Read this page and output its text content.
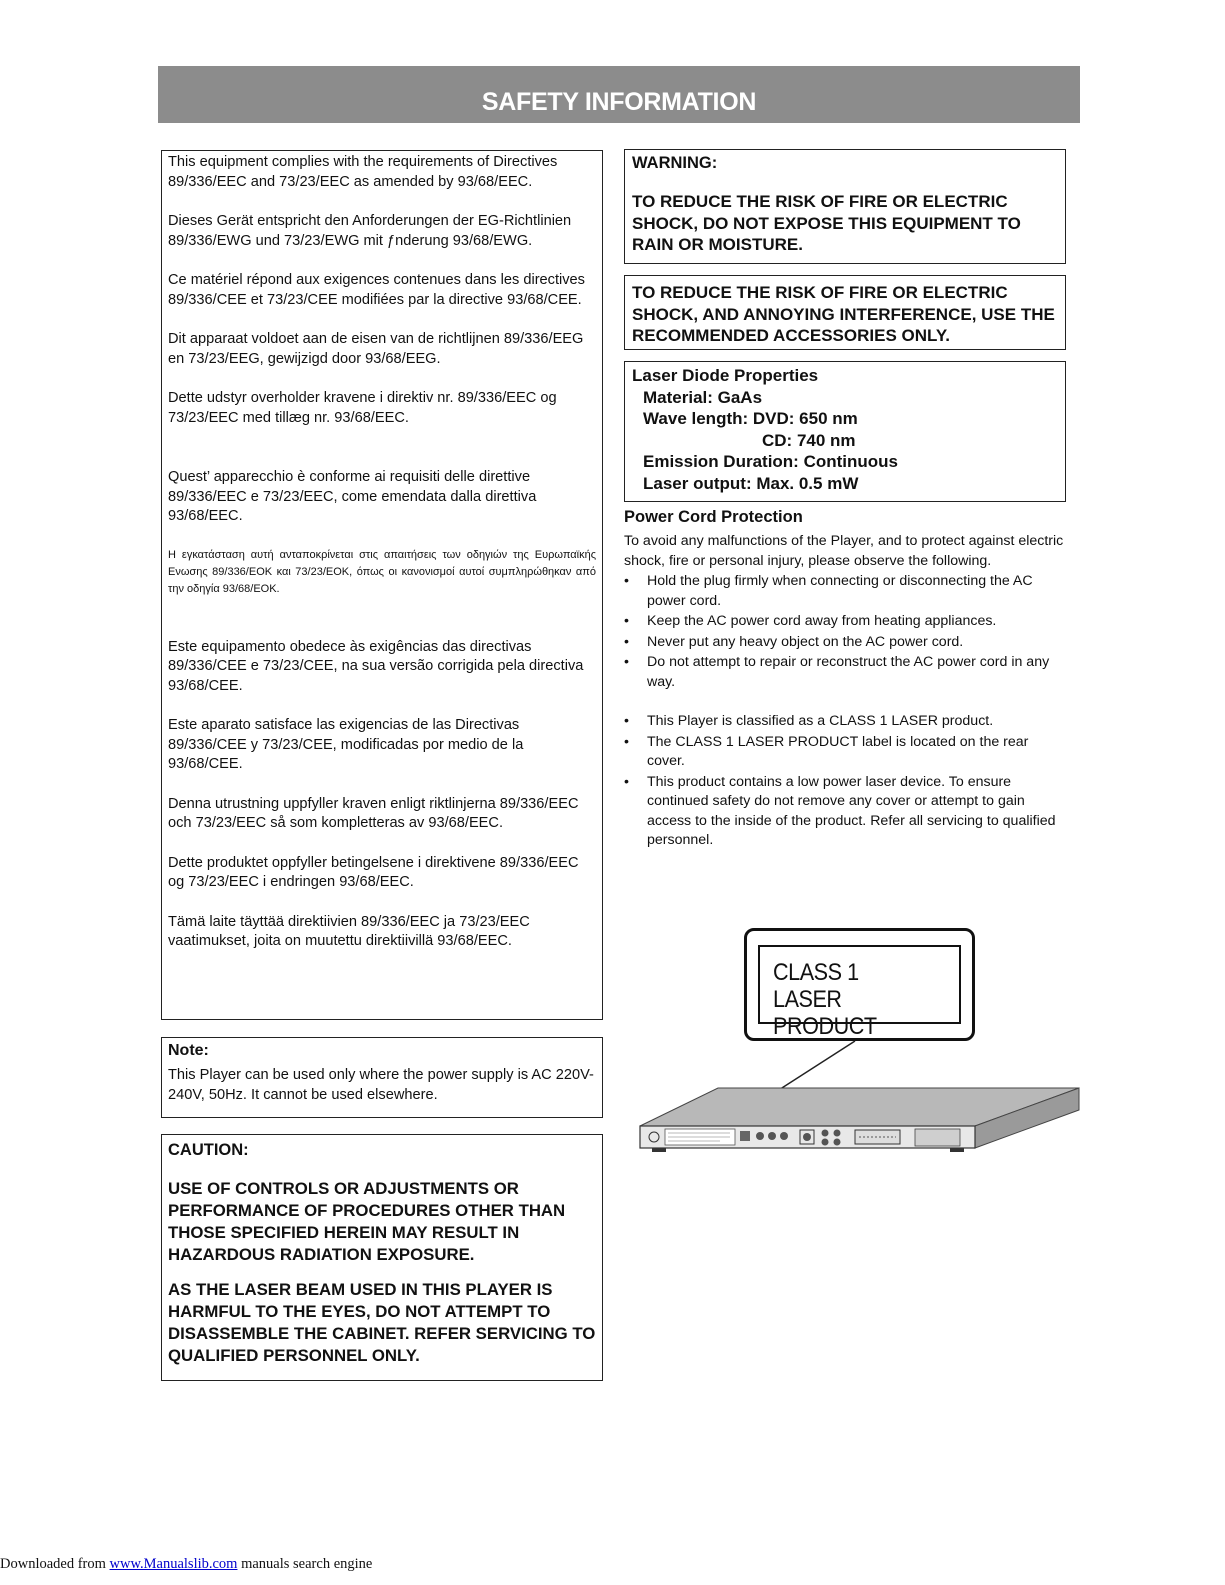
SAFETY INFORMATION

This equipment complies with the requirements of Directives 89/336/EEC and 73/23/EEC as amended by 93/68/EEC.

Dieses Gerät entspricht den Anforderungen der EG-Richtlinien 89/336/EWG und 73/23/EWG mit ƒnderung 93/68/EWG.

Ce matériel répond aux exigences contenues dans les directives 89/336/CEE et 73/23/CEE modifiées par la directive 93/68/CEE.

Dit apparaat voldoet aan de eisen van de richtlijnen 89/336/EEG en 73/23/EEG, gewijzigd door 93/68/EEG.

Dette udstyr overholder kravene i direktiv nr. 89/336/EEC og 73/23/EEC med tillæg nr. 93/68/EEC.

Quest’ apparecchio è conforme ai requisiti delle direttive 89/336/EEC e 73/23/EEC, come emendata dalla direttiva 93/68/EEC.

Η εγκατάσταση αυτή ανταποκρίνεται στις απαιτήσεις των οδηγιών της Ευρωπαϊκής Ενωσης 89/336/ΕΟΚ και 73/23/ΕΟΚ, όπως οι κανονισμοί αυτοί συμπληρώθηκαν από την οδηγία 93/68/ΕΟΚ.

Este equipamento obedece às exigências das directivas 89/336/CEE e 73/23/CEE, na sua versão corrigida pela directiva 93/68/CEE.

Este aparato satisface las exigencias de las Directivas 89/336/CEE y 73/23/CEE, modificadas por medio de la 93/68/CEE.

Denna utrustning uppfyller kraven enligt riktlinjerna 89/336/EEC och 73/23/EEC så som kompletteras av 93/68/EEC.

Dette produktet oppfyller betingelsene i direktivene 89/336/EEC og 73/23/EEC i endringen 93/68/EEC.

Tämä laite täyttää direktiivien 89/336/EEC ja 73/23/EEC vaatimukset, joita on muutettu direktiivillä 93/68/EEC.

Note:

This Player can be used only where the power supply is AC 220V-240V, 50Hz. It cannot be used elsewhere.

CAUTION:

USE OF CONTROLS OR ADJUSTMENTS OR PERFORMANCE OF PROCEDURES OTHER THAN THOSE SPECIFIED HEREIN MAY RESULT IN HAZARDOUS RADIATION EXPOSURE.

AS THE LASER BEAM USED IN THIS PLAYER IS HARMFUL TO THE EYES, DO NOT ATTEMPT TO DISASSEMBLE THE CABINET. REFER SERVICING TO QUALIFIED PERSONNEL ONLY.

WARNING:

TO REDUCE THE RISK OF FIRE OR ELECTRIC SHOCK, DO NOT EXPOSE THIS EQUIPMENT TO RAIN OR MOISTURE.

TO REDUCE THE RISK OF FIRE OR ELECTRIC SHOCK, AND ANNOYING INTERFERENCE, USE THE RECOMMENDED ACCESSORIES ONLY.

Laser Diode Properties
Material: GaAs
Wave length: DVD: 650 nm
CD: 740 nm
Emission Duration: Continuous
Laser output: Max. 0.5 mW
Power Cord Protection
To avoid any malfunctions of the Player, and to protect against electric shock, fire or personal injury, please observe the following.
• Hold the plug firmly when connecting or disconnecting the AC power cord.
• Keep the AC power cord away from heating appliances.
• Never put any heavy object on the AC power cord.
• Do not attempt to repair or reconstruct the AC power cord in any way.
• This Player is classified as a CLASS 1 LASER product.
• The CLASS 1 LASER PRODUCT label is located on the rear cover.
• This product contains a low power laser device. To ensure continued safety do not remove any cover or attempt to gain access to the inside of the product. Refer all servicing to qualified personnel.
CLASS 1
LASER PRODUCT
Downloaded from www.Manualslib.com manuals search engine
